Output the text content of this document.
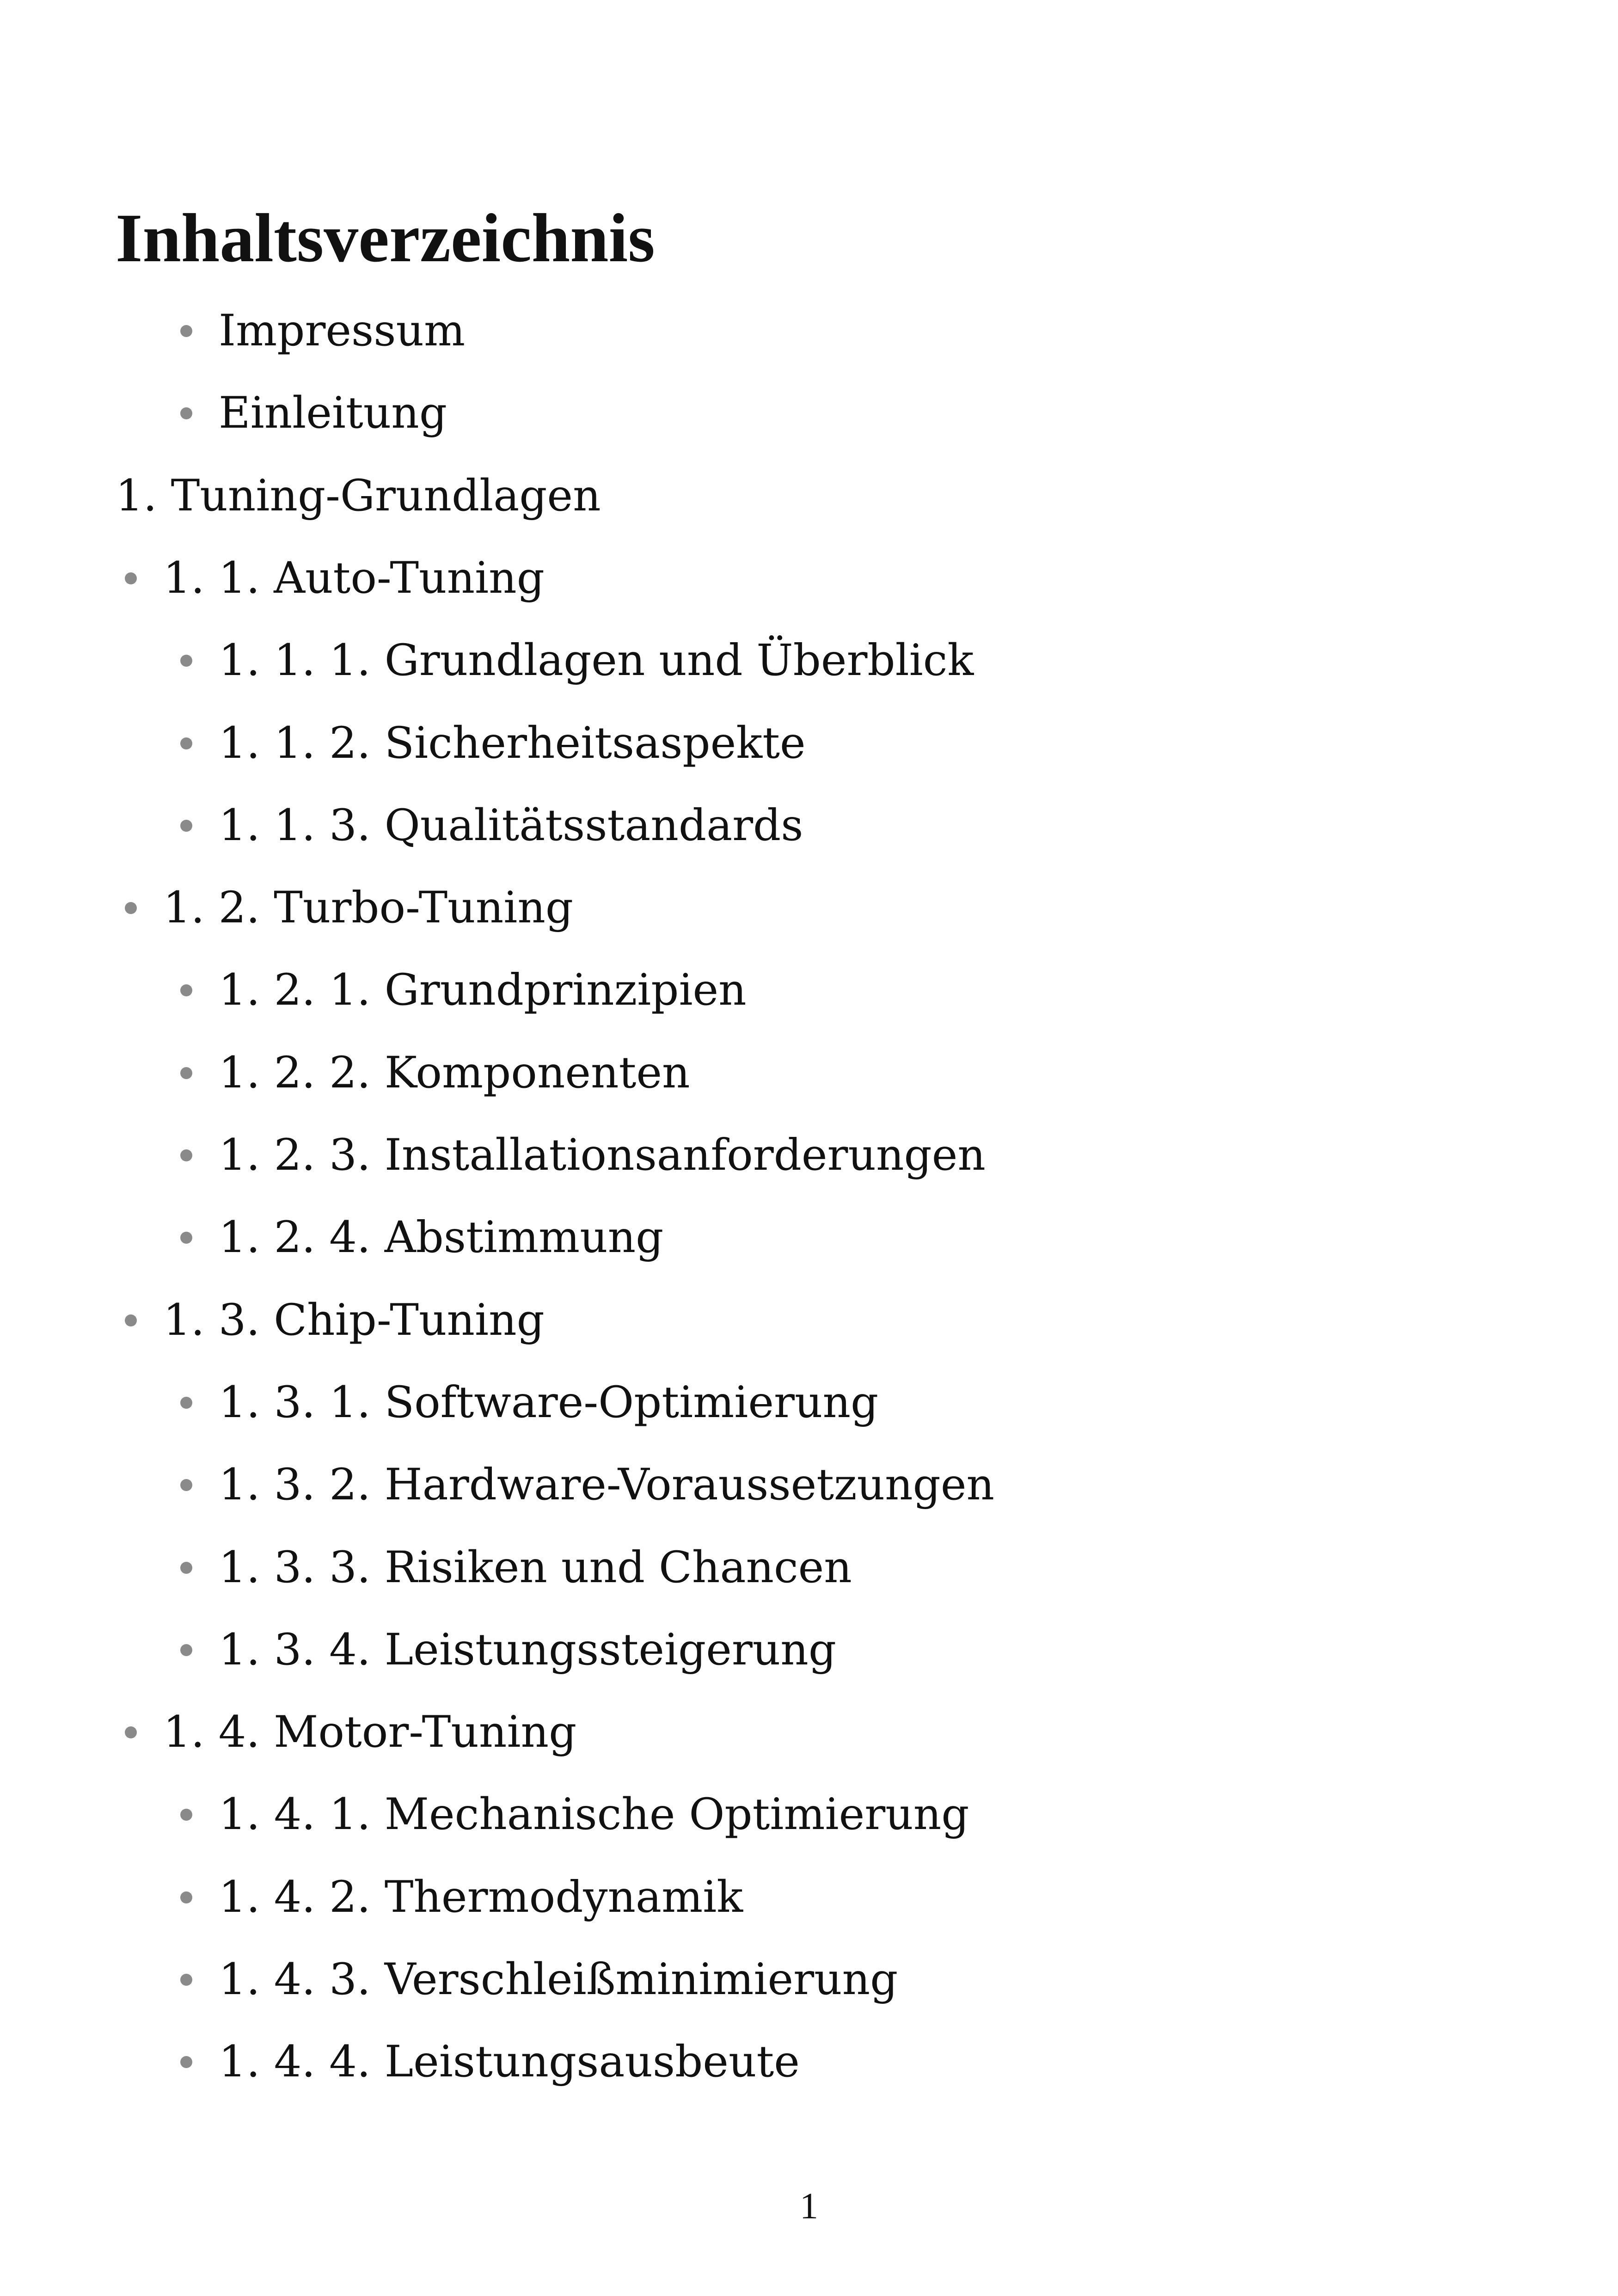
Inhaltsverzeichnis
Impressum
Einleitung
1. Tuning-Grundlagen
1. 1. Auto-Tuning
1. 1. 1. Grundlagen und Überblick
1. 1. 2. Sicherheitsaspekte
1. 1. 3. Qualitätsstandards
1. 2. Turbo-Tuning
1. 2. 1. Grundprinzipien
1. 2. 2. Komponenten
1. 2. 3. Installationsanforderungen
1. 2. 4. Abstimmung
1. 3. Chip-Tuning
1. 3. 1. Software-Optimierung
1. 3. 2. Hardware-Voraussetzungen
1. 3. 3. Risiken und Chancen
1. 3. 4. Leistungssteigerung
1. 4. Motor-Tuning
1. 4. 1. Mechanische Optimierung
1. 4. 2. Thermodynamik
1. 4. 3. Verschleißminimierung
1. 4. 4. Leistungsausbeute
1
